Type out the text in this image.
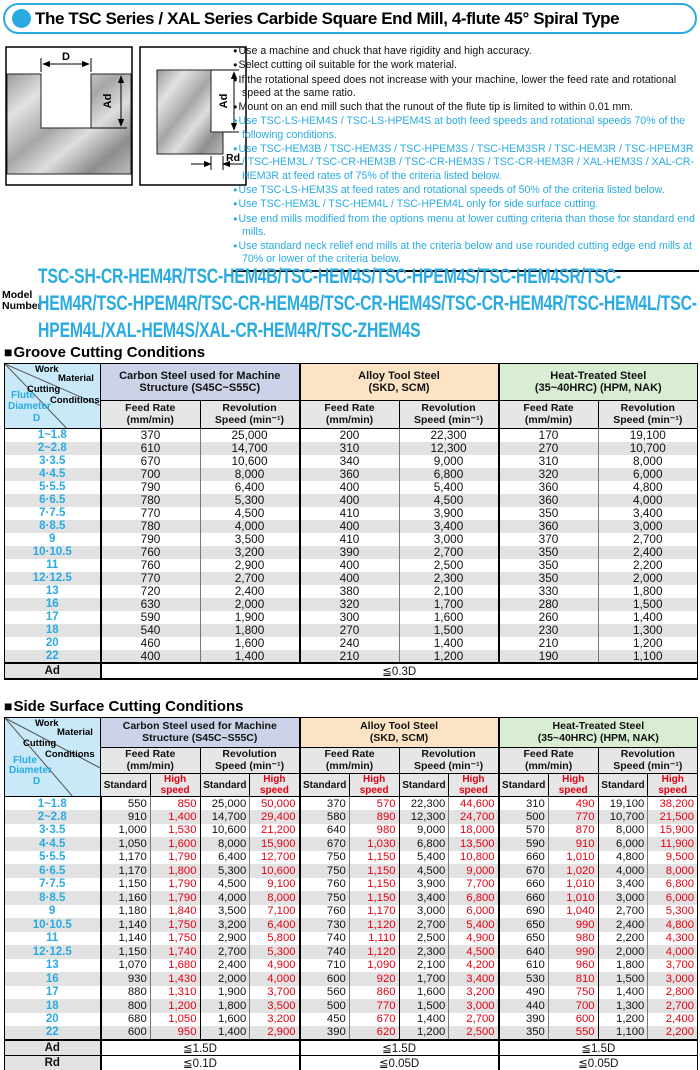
The TSC Series / XAL Series Carbide Square End Mill, 4-flute 45° Spiral Type
D
Ad	Ad
Rd
●Use a machine and chuck that have rigidity and high accuracy.
●Select cutting oil suitable for the work material.
●If the rotational speed does not increase with your machine, lower the feed rate and rotational speed at the same ratio.
●Mount on an end mill such that the runout of the flute tip is limited to within 0.01 mm.
●Use TSC-LS-HEM4S / TSC-LS-HPEM4S at both feed speeds and rotational speeds 70% of the following conditions.
●Use TSC-HEM3B / TSC-HEM3S / TSC-HPEM3S / TSC-HEM3SR / TSC-HEM3R / TSC-HPEM3R / TSC-HEM3L / TSC-CR-HEM3B / TSC-CR-HEM3S / TSC-CR-HEM3R / XAL-HEM3S / XAL-CR-HEM3R at feed rates of 75% of the criteria listed below.
●Use TSC-LS-HEM3S at feed rates and rotational speeds of 50% of the criteria listed below.
●Use TSC-HEM3L / TSC-HEM4L / TSC-HPEM4L only for side surface cutting.
●Use end mills modified from the options menu at lower cutting criteria than those for standard end mills.
●Use standard neck relief end mills at the criteria below and use rounded cutting edge end mills at 70% or lower of the criteria below.
Model
Number
TSC-SH-CR-HEM4R/TSC-HEM4B/TSC-HEM4S/TSC-HPEM4S/TSC-HEM4SR/TSC-HEM4R/TSC-HPEM4R/TSC-CR-HEM4B/TSC-CR-HEM4S/TSC-CR-HEM4R/TSC-HEM4L/TSC-HPEM4L/XAL-HEM4S/XAL-CR-HEM4R/TSC-ZHEM4S
■Groove Cutting Conditions
Work
Material
Cutting
Conditions
Flute
Diameter
D

Carbon Steel used for Machine
Structure (S45C~S55C)

Alloy Tool Steel
(SKD, SCM)

Heat-Treated Steel
(35~40HRC) (HPM, NAK)

Feed Rate
(mm/min)

Revolution
Speed (min⁻¹)

Feed Rate
(mm/min)

Revolution
Speed (min⁻¹)

Feed Rate
(mm/min)

Revolution
Speed (min⁻¹)

1~1.8	370	25,000	200	22,300	170	19,100
2~2.8	610	14,700	310	12,300	270	10,700
3·3.5	670	10,600	340	9,000	310	8,000
4·4.5	700	8,000	360	6,800	320	6,000
5·5.5	790	6,400	400	5,400	360	4,800
6·6.5	780	5,300	400	4,500	360	4,000
7·7.5	770	4,500	410	3,900	350	3,400
8·8.5	780	4,000	400	3,400	360	3,000
9	790	3,500	410	3,000	370	2,700
10·10.5	760	3,200	390	2,700	350	2,400
11	760	2,900	400	2,500	350	2,200
12·12.5	770	2,700	400	2,300	350	2,000
13	720	2,400	380	2,100	330	1,800
16	630	2,000	320	1,700	280	1,500
17	590	1,900	300	1,600	260	1,400
18	540	1,800	270	1,500	230	1,300
20	460	1,600	240	1,400	210	1,200
22	400	1,400	210	1,200	190	1,100
Ad	≦0.3D					
■Side Surface Cutting Conditions
Work
Material
Cutting
Conditions
Flute
Diameter
D

Carbon Steel used for Machine
Structure (S45C~S55C)

Alloy Tool Steel
(SKD, SCM)

Heat-Treated Steel
(35~40HRC) (HPM, NAK)

Feed Rate
(mm/min)

Revolution
Speed (min⁻¹)

Feed Rate
(mm/min)

Revolution
Speed (min⁻¹)

Feed Rate
(mm/min)

Revolution
Speed (min⁻¹)

	Standard	High speed	Standard	High speed	Standard	High speed	Standard	High speed	Standard	High speed	Standard	High speed
1~1.8	550	850	25,000	50,000	370	570	22,300	44,600	310	490	19,100	38,200
2~2.8	910	1,400	14,700	29,400	580	890	12,300	24,700	500	770	10,700	21,500
3·3.5	1,000	1,530	10,600	21,200	640	980	9,000	18,000	570	870	8,000	15,900
4·4.5	1,050	1,600	8,000	15,900	670	1,030	6,800	13,500	590	910	6,000	11,900
5·5.5	1,170	1,790	6,400	12,700	750	1,150	5,400	10,800	660	1,010	4,800	9,500
6·6.5	1,170	1,800	5,300	10,600	750	1,150	4,500	9,000	670	1,020	4,000	8,000
7·7.5	1,150	1,790	4,500	9,100	760	1,150	3,900	7,700	660	1,010	3,400	6,800
8·8.5	1,160	1,790	4,000	8,000	750	1,150	3,400	6,800	660	1,010	3,000	6,000
9	1,180	1,840	3,500	7,100	760	1,170	3,000	6,000	690	1,040	2,700	5,300
10·10.5	1,140	1,750	3,200	6,400	730	1,120	2,700	5,400	650	990	2,400	4,800
11	1,140	1,750	2,900	5,800	740	1,110	2,500	4,900	650	980	2,200	4,300
12·12.5	1,150	1,740	2,700	5,300	740	1,120	2,300	4,500	640	990	2,000	4,000
13	1,070	1,680	2,400	4,900	710	1,090	2,100	4,200	610	960	1,800	3,700
16	930	1,430	2,000	4,000	600	920	1,700	3,400	530	810	1,500	3,000
17	880	1,310	1,900	3,700	560	860	1,600	3,200	490	750	1,400	2,800
18	800	1,200	1,800	3,500	500	770	1,500	3,000	440	700	1,300	2,700
20	680	1,050	1,600	3,200	450	670	1,400	2,700	390	600	1,200	2,400
22	600	950	1,400	2,900	390	620	1,200	2,500	350	550	1,100	2,200
Ad	≦1.5D				≦1.5D				≦1.5D			
Rd	≦0.1D				≦0.05D				≦0.05D			
